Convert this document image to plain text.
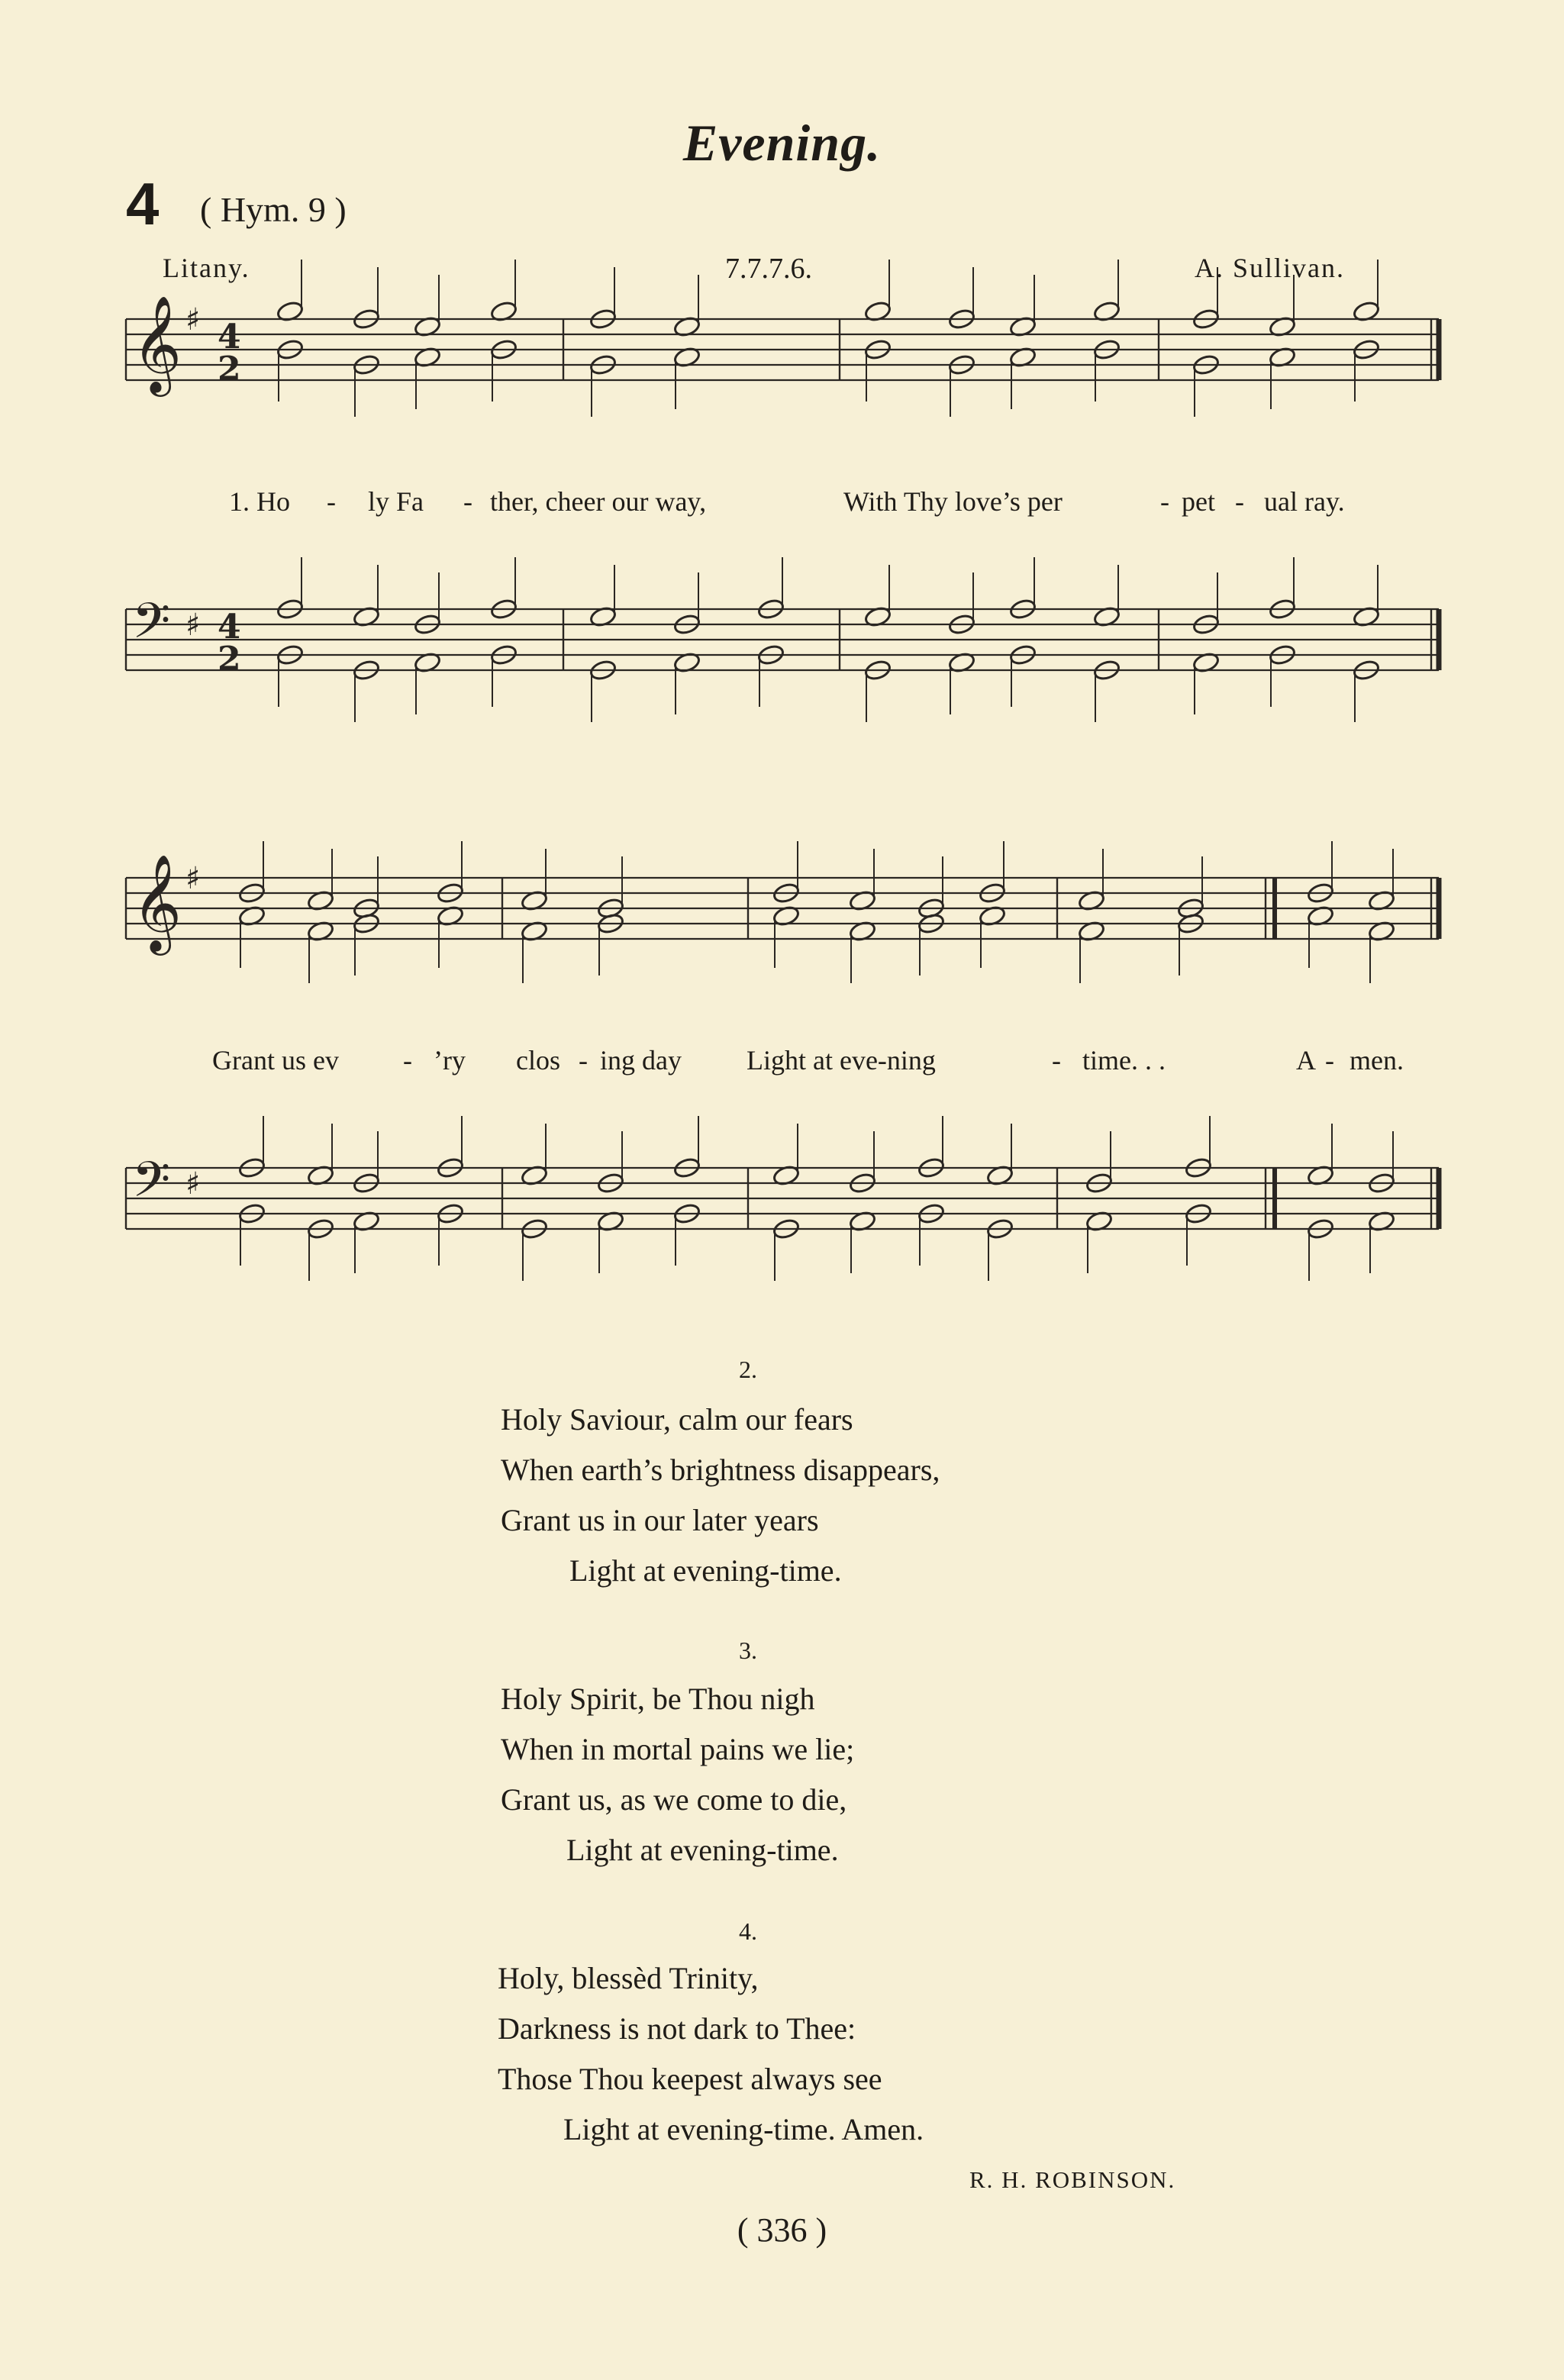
Evening.
4 ( Hym. 9 )
Litany.	7.7.7.6.	A. Sullivan.
𝄞 ♯ 4
2
𝄢 ♯ 4
2
𝄞 ♯
𝄢 ♯
1. Ho - ly Fa - ther, cheer our way,	With Thy love’s per	- pet - ual ray.
Grant us ev - ’ry clos - ing day Light at eve-ning	- time. . .	A - men.
2.
Holy Saviour, calm our fears
When earth’s brightness disappears,
Grant us in our later years
Light at evening-time.
3.
Holy Spirit, be Thou nigh
When in mortal pains we lie;
Grant us, as we come to die,
Light at evening-time.
4.
Holy, blessèd Trinity,
Darkness is not dark to Thee:
Those Thou keepest always see
Light at evening-time. Amen.
R. H. ROBINSON.
( 336 )
